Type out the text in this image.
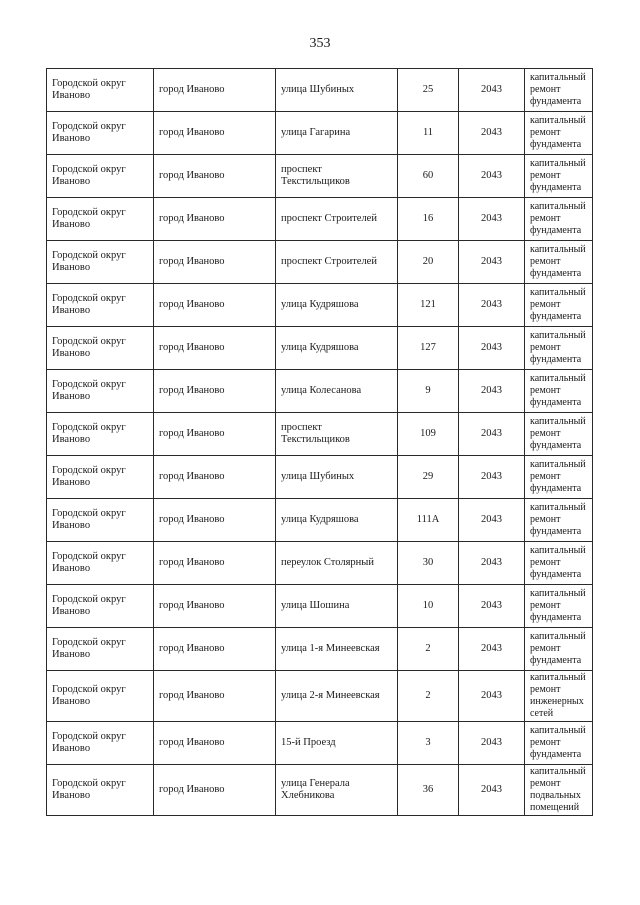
353
Городской округ Иваново	город Иваново	улица Шубиных	25	2043	капитальный ремонт фундамента
Городской округ Иваново	город Иваново	улица Гагарина	11	2043	капитальный ремонт фундамента
Городской округ Иваново	город Иваново	проспект Текстильщиков	60	2043	капитальный ремонт фундамента
Городской округ Иваново	город Иваново	проспект Строителей	16	2043	капитальный ремонт фундамента
Городской округ Иваново	город Иваново	проспект Строителей	20	2043	капитальный ремонт фундамента
Городской округ Иваново	город Иваново	улица Кудряшова	121	2043	капитальный ремонт фундамента
Городской округ Иваново	город Иваново	улица Кудряшова	127	2043	капитальный ремонт фундамента
Городской округ Иваново	город Иваново	улица Колесанова	9	2043	капитальный ремонт фундамента
Городской округ Иваново	город Иваново	проспект Текстильщиков	109	2043	капитальный ремонт фундамента
Городской округ Иваново	город Иваново	улица Шубиных	29	2043	капитальный ремонт фундамента
Городской округ Иваново	город Иваново	улица Кудряшова	111А	2043	капитальный ремонт фундамента
Городской округ Иваново	город Иваново	переулок Столярный	30	2043	капитальный ремонт фундамента
Городской округ Иваново	город Иваново	улица Шошина	10	2043	капитальный ремонт фундамента
Городской округ Иваново	город Иваново	улица 1-я Минеевская	2	2043	капитальный ремонт фундамента
Городской округ Иваново	город Иваново	улица 2-я Минеевская	2	2043	капитальный ремонт инженерных сетей
Городской округ Иваново	город Иваново	15-й Проезд	3	2043	капитальный ремонт фундамента
Городской округ Иваново	город Иваново	улица Генерала Хлебникова	36	2043	капитальный ремонт подвальных помещений
